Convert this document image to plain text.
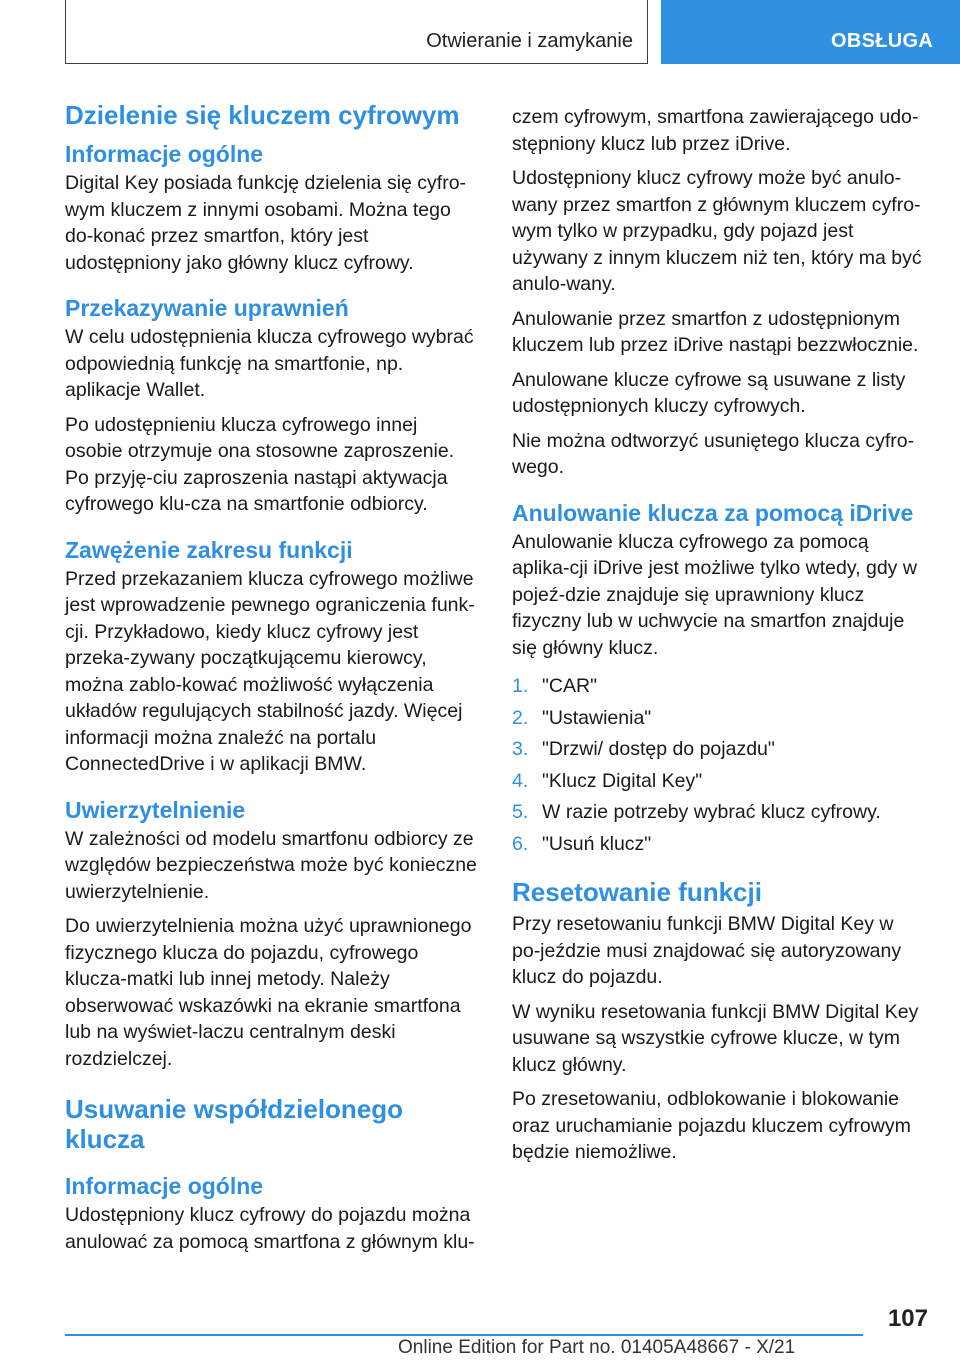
Otwieranie i zamykanie	OBSŁUGA
Dzielenie się kluczem cyfrowym
Informacje ogólne

Digital Key posiada funkcję dzielenia się cyfro-wym kluczem z innymi osobami. Można tego do-konać przez smartfon, który jest udostępniony jako główny klucz cyfrowy.

Przekazywanie uprawnień

W celu udostępnienia klucza cyfrowego wybrać odpowiednią funkcję na smartfonie, np. aplikacje Wallet.

Po udostępnieniu klucza cyfrowego innej osobie otrzymuje ona stosowne zaproszenie. Po przyję-ciu zaproszenia nastąpi aktywacja cyfrowego klu-cza na smartfonie odbiorcy.

Zawężenie zakresu funkcji

Przed przekazaniem klucza cyfrowego możliwe jest wprowadzenie pewnego ograniczenia funk-cji. Przykładowo, kiedy klucz cyfrowy jest przeka-zywany początkującemu kierowcy, można zablo-kować możliwość wyłączenia układów regulujących stabilność jazdy. Więcej informacji można znaleźć na portalu ConnectedDrive i w aplikacji BMW.

Uwierzytelnienie

W zależności od modelu smartfonu odbiorcy ze względów bezpieczeństwa może być konieczne uwierzytelnienie.

Do uwierzytelnienia można użyć uprawnionego fizycznego klucza do pojazdu, cyfrowego klucza-matki lub innej metody. Należy obserwować wskazówki na ekranie smartfona lub na wyświet-laczu centralnym deski rozdzielczej.

Usuwanie współdzielonego klucza
Informacje ogólne

Udostępniony klucz cyfrowy do pojazdu można anulować za pomocą smartfona z głównym klu-

czem cyfrowym, smartfona zawierającego udo-stępniony klucz lub przez iDrive.

Udostępniony klucz cyfrowy może być anulo-wany przez smartfon z głównym kluczem cyfro-wym tylko w przypadku, gdy pojazd jest używany z innym kluczem niż ten, który ma być anulo-wany.

Anulowanie przez smartfon z udostępnionym kluczem lub przez iDrive nastąpi bezzwłocznie.

Anulowane klucze cyfrowe są usuwane z listy udostępnionych kluczy cyfrowych.

Nie można odtworzyć usuniętego klucza cyfro-wego.

Anulowanie klucza za pomocą iDrive

Anulowanie klucza cyfrowego za pomocą aplika-cji iDrive jest możliwe tylko wtedy, gdy w pojeź-dzie znajduje się uprawniony klucz fizyczny lub w uchwycie na smartfon znajduje się główny klucz.

1. "CAR"
2. "Ustawienia"
3. "Drzwi/ dostęp do pojazdu"
4. "Klucz Digital Key"
5. W razie potrzeby wybrać klucz cyfrowy.
6. "Usuń klucz"
Resetowanie funkcji

Przy resetowaniu funkcji BMW Digital Key w po-jeździe musi znajdować się autoryzowany klucz do pojazdu.

W wyniku resetowania funkcji BMW Digital Key usuwane są wszystkie cyfrowe klucze, w tym klucz główny.

Po zresetowaniu, odblokowanie i blokowanie oraz uruchamianie pojazdu kluczem cyfrowym będzie niemożliwe.

107
Online Edition for Part no. 01405A48667 - X/21
